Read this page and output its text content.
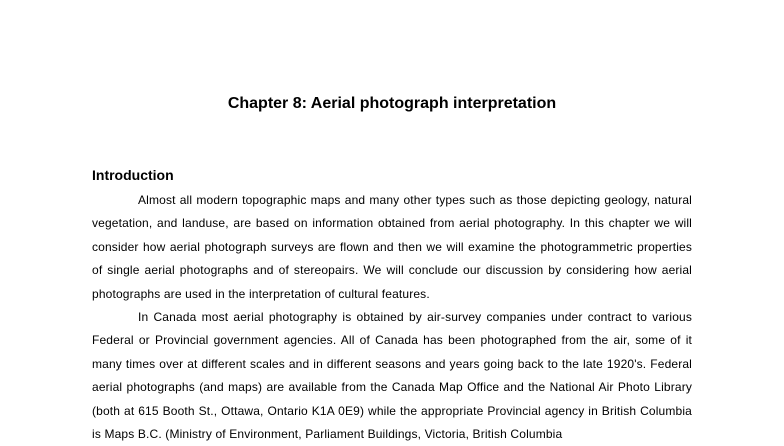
Chapter 8: Aerial photograph interpretation
Introduction

Almost all modern topographic maps and many other types such as those depicting geology, natural vegetation, and landuse, are based on information obtained from aerial photography. In this chapter we will consider how aerial photograph surveys are flown and then we will examine the photogrammetric properties of single aerial photographs and of stereopairs. We will conclude our discussion by considering how aerial photographs are used in the interpretation of cultural features.

In Canada most aerial photography is obtained by air-survey companies under contract to various Federal or Provincial government agencies. All of Canada has been photographed from the air, some of it many times over at different scales and in different seasons and years going back to the late 1920's. Federal aerial photographs (and maps) are available from the Canada Map Office and the National Air Photo Library (both at 615 Booth St., Ottawa, Ontario K1A 0E9) while the appropriate Provincial agency in British Columbia is Maps B.C. (Ministry of Environment, Parliament Buildings, Victoria, British Columbia
